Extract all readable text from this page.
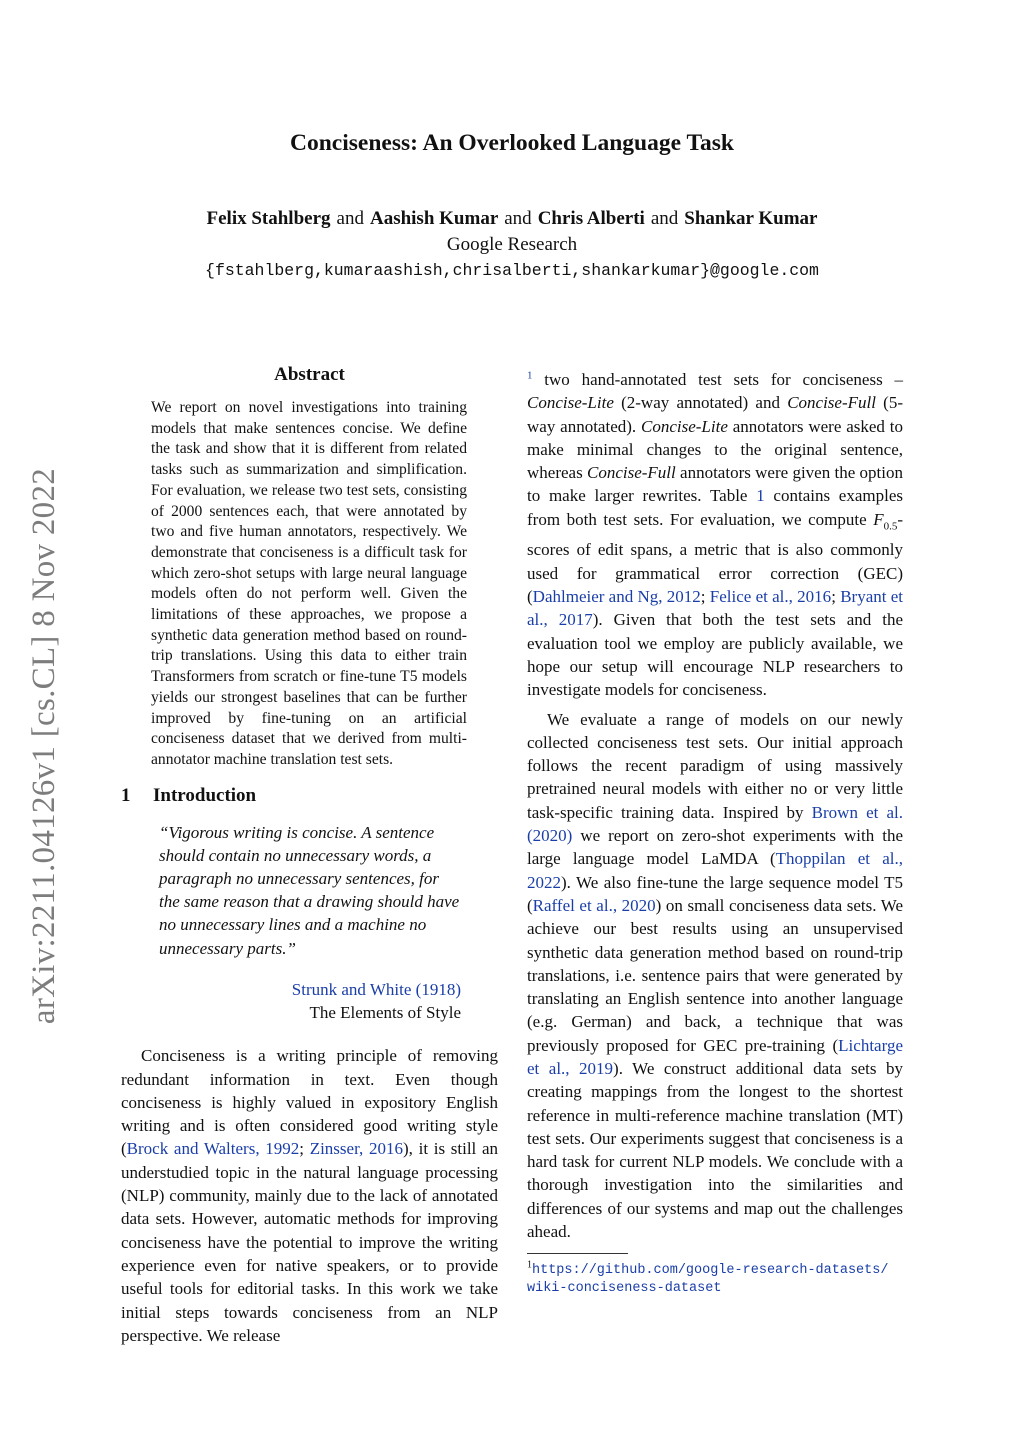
arXiv:2211.04126v1 [cs.CL] 8 Nov 2022
Conciseness: An Overlooked Language Task
Felix Stahlberg and Aashish Kumar and Chris Alberti and Shankar Kumar
Google Research
{fstahlberg,kumaraashish,chrisalberti,shankarkumar}@google.com
Abstract

We report on novel investigations into training models that make sentences concise. We define the task and show that it is different from related tasks such as summarization and simplification. For evaluation, we release two test sets, consisting of 2000 sentences each, that were annotated by two and five human annotators, respectively. We demonstrate that conciseness is a difficult task for which zero-shot setups with large neural language models often do not perform well. Given the limitations of these approaches, we propose a synthetic data generation method based on round-trip translations. Using this data to either train Transformers from scratch or fine-tune T5 models yields our strongest baselines that can be further improved by fine-tuning on an artificial conciseness dataset that we derived from multi-annotator machine translation test sets.

1 Introduction
“Vigorous writing is concise. A sentence should contain no unnecessary words, a paragraph no unnecessary sentences, for the same reason that a drawing should have no unnecessary lines and a machine no unnecessary parts.”
Strunk and White (1918)
The Elements of Style

Conciseness is a writing principle of removing redundant information in text. Even though conciseness is highly valued in expository English writing and is often considered good writing style (Brock and Walters, 1992; Zinsser, 2016), it is still an understudied topic in the natural language processing (NLP) community, mainly due to the lack of annotated data sets. However, automatic methods for improving conciseness have the potential to improve the writing experience even for native speakers, or to provide useful tools for editorial tasks. In this work we take initial steps towards conciseness from an NLP perspective. We release

$^1$ two hand-annotated test sets for conciseness – Concise-Lite (2-way annotated) and Concise-Full (5-way annotated). Concise-Lite annotators were asked to make minimal changes to the original sentence, whereas Concise-Full annotators were given the option to make larger rewrites. Table 1 contains examples from both test sets. For evaluation, we compute $F_{0.5}$-scores of edit spans, a metric that is also commonly used for grammatical error correction (GEC) (Dahlmeier and Ng, 2012; Felice et al., 2016; Bryant et al., 2017). Given that both the test sets and the evaluation tool we employ are publicly available, we hope our setup will encourage NLP researchers to investigate models for conciseness.

We evaluate a range of models on our newly collected conciseness test sets. Our initial approach follows the recent paradigm of using massively pretrained neural models with either no or very little task-specific training data. Inspired by Brown et al. (2020) we report on zero-shot experiments with the large language model LaMDA (Thoppilan et al., 2022). We also fine-tune the large sequence model T5 (Raffel et al., 2020) on small conciseness data sets. We achieve our best results using an unsupervised synthetic data generation method based on round-trip translations, i.e. sentence pairs that were generated by translating an English sentence into another language (e.g. German) and back, a technique that was previously proposed for GEC pre-training (Lichtarge et al., 2019). We construct additional data sets by creating mappings from the longest to the shortest reference in multi-reference machine translation (MT) test sets. Our experiments suggest that conciseness is a hard task for current NLP models. We conclude with a thorough investigation into the similarities and differences of our systems and map out the challenges ahead.

$^1$https://github.com/google-research-datasets/
wiki-conciseness-dataset
